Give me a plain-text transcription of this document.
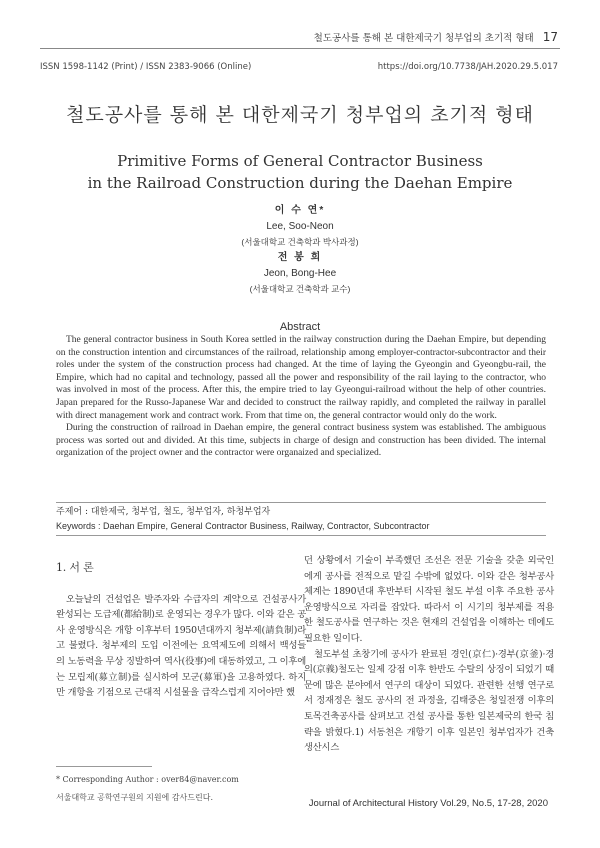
철도공사를 통해 본 대한제국기 청부업의 초기적 형태 17
ISSN 1598-1142 (Print) / ISSN 2383-9066 (Online)	https://doi.org/10.7738/JAH.2020.29.5.017
철도공사를 통해 본 대한제국기 청부업의 초기적 형태
Primitive Forms of General Contractor Business
in the Railroad Construction during the Daehan Empire
이 수 연*
Lee, Soo-Neon
(서울대학교 건축학과 박사과정)
전 봉 희
Jeon, Bong-Hee
(서울대학교 건축학과 교수)
Abstract

The general contractor business in South Korea settled in the railway construction during the Daehan Empire, but depending on the construction intention and circumstances of the railroad, relationship among employer-contractor-subcontractor and their roles under the system of the construction process had changed. At the time of laying the Gyeongin and Gyeongbu-rail, the Empire, which had no capital and technology, passed all the power and responsibility of the rail laying to the contractor, who was involved in most of the process. After this, the empire tried to lay Gyeongui-railroad without the help of other countries. Japan prepared for the Russo-Japanese War and decided to construct the railway rapidly, and completed the railway in parallel with direct management work and contract work. From that time on, the general contractor would only do the work.

During the construction of railroad in Daehan empire, the general contract business system was established. The ambiguous process was sorted out and divided. At this time, subjects in charge of design and construction has been divided. The internal organization of the project owner and the contractor were organaized and specialized.

주제어 : 대한제국, 청부업, 철도, 청부업자, 하청부업자
Keywords : Daehan Empire, General Contractor Business, Railway, Contractor, Subcontractor
1. 서 론

오늘날의 건설업은 발주자와 수급자의 계약으로 건설공사가 완성되는 도급제(都給制)로 운영되는 경우가 많다. 이와 같은 공사 운영방식은 개항 이후부터 1950년대까지 청부제(請負制)라고 불렸다. 청부제의 도입 이전에는 요역제도에 의해서 백성들의 노동력을 무상 징발하여 역사(役事)에 대동하였고, 그 이후에는 모립제(募立制)를 실시하여 모군(募軍)을 고용하였다. 하지만 개항을 기점으로 근대적 시설물을 급작스럽게 지어야만 했

던 상황에서 기술이 부족했던 조선은 전문 기술을 갖춘 외국인에게 공사를 전적으로 맡길 수밖에 없었다. 이와 같은 청부공사 체계는 1890년대 후반부터 시작된 철도 부설 이후 주요한 공사 운영방식으로 자리를 잡았다. 따라서 이 시기의 청부제를 적용한 철도공사를 연구하는 것은 현재의 건설업을 이해하는 데에도 필요한 일이다.

철도부설 초창기에 공사가 완료된 경인(京仁)·경부(京釜)·경의(京義)철도는 일제 강점 이후 한반도 수탈의 상징이 되었기 때문에 많은 분야에서 연구의 대상이 되었다. 관련한 선행 연구로서 정재정은 철도 공사의 전 과정을, 김태중은 청일전쟁 이후의 토목건축공사를 살펴보고 건설 공사를 통한 일본제국의 한국 침략을 밝혔다.1) 서동천은 개항기 이후 일본인 청부업자가 건축생산시스

* Corresponding Author : over84@naver.com
서울대학교 공학연구원의 지원에 감사드린다.
Journal of Architectural History Vol.29, No.5, 17-28, 2020
